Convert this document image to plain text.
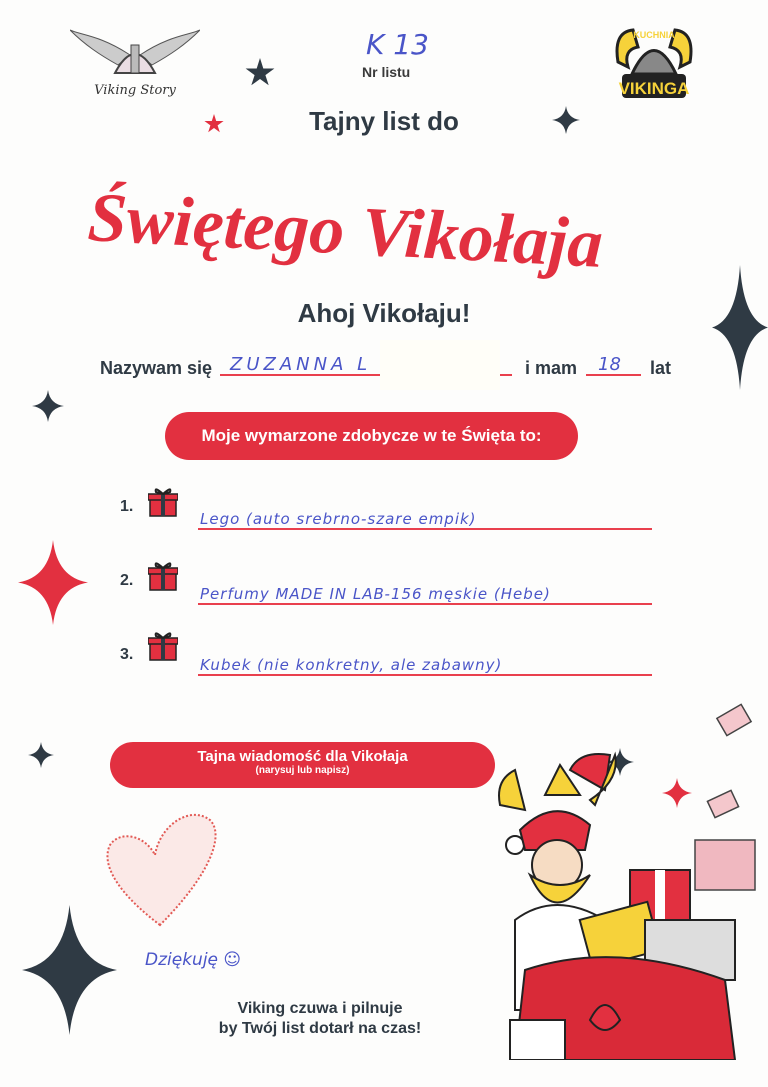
Viking Story	VIKINGA
KUCHNIA
K 13
Nr listu
Tajny list do
Świętego Vikołaja
Ahoj Vikołaju!
Nazywam się ZUZANNA L	i mam 18 lat
Moje wymarzone zdobycze w te Święta to:
1.
Lego (auto srebrno-szare empik)
2.
Perfumy MADE IN LAB-156 męskie (Hebe)
3.
Kubek (nie konkretny, ale zabawny)
Tajna wiadomość dla Vikołaja
(narysuj lub napisz)
Dziękuję ☺
Viking czuwa i pilnuje
by Twój list dotarł na czas!
